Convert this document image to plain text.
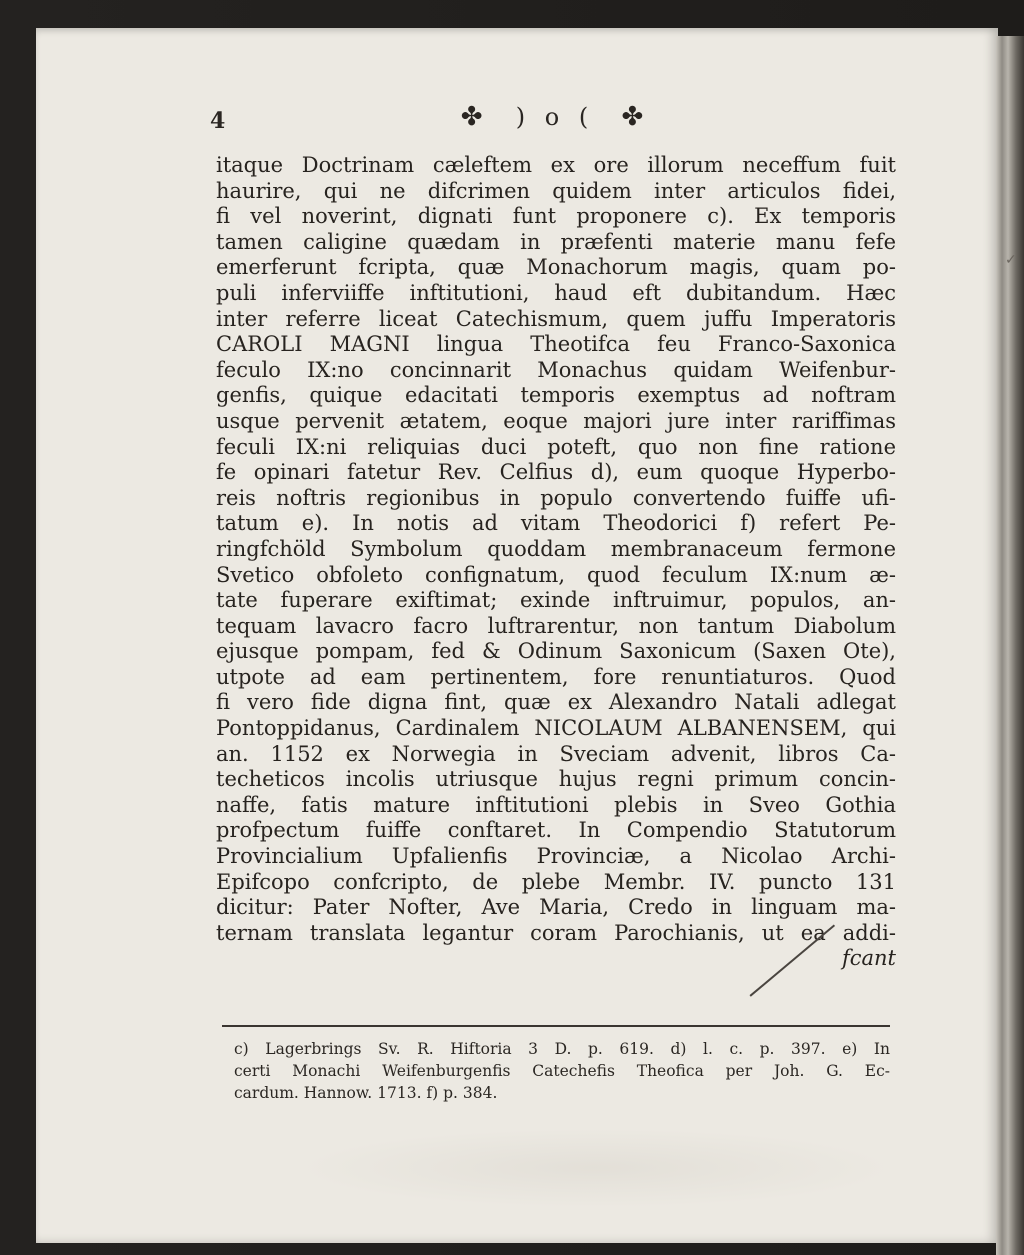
4	✤ ) o ( ✤
itaque Doctrinam cæleftem ex ore illorum neceffum fuit
haurire, qui ne difcrimen quidem inter articulos fidei,
fi vel noverint, dignati funt proponere c). Ex temporis
tamen caligine quædam in præfenti materie manu fefe
emerferunt fcripta, quæ Monachorum magis, quam po-
puli inferviiffe inftitutioni, haud eft dubitandum. Hæc
inter referre liceat Catechismum, quem juffu Imperatoris
CAROLI MAGNI lingua Theotifca feu Franco-Saxonica
feculo IX:no concinnarit Monachus quidam Weifenbur-
genfis, quique edacitati temporis exemptus ad noftram
usque pervenit ætatem, eoque majori jure inter rariffimas
feculi IX:ni reliquias duci poteft, quo non fine ratione
fe opinari fatetur Rev. Celfius d), eum quoque Hyperbo-
reis noftris regionibus in populo convertendo fuiffe ufi-
tatum e). In notis ad vitam Theodorici f) refert Pe-
ringfchöld Symbolum quoddam membranaceum fermone
Svetico obfoleto confignatum, quod feculum IX:num æ-
tate fuperare exiftimat; exinde inftruimur, populos, an-
tequam lavacro facro luftrarentur, non tantum Diabolum
ejusque pompam, fed & Odinum Saxonicum (Saxen Ote),
utpote ad eam pertinentem, fore renuntiaturos. Quod
fi vero fide digna fint, quæ ex Alexandro Natali adlegat
Pontoppidanus, Cardinalem NICOLAUM ALBANENSEM, qui
an. 1152 ex Norwegia in Sveciam advenit, libros Ca-
techeticos incolis utriusque hujus regni primum concin-
naffe, fatis mature inftitutioni plebis in Sveo Gothia
profpectum fuiffe conftaret. In Compendio Statutorum
Provincialium Upfalienfis Provinciæ, a Nicolao Archi-
Epifcopo confcripto, de plebe Membr. IV. puncto 131
dicitur: Pater Nofter, Ave Maria, Credo in linguam ma-
ternam translata legantur coram Parochianis, ut ea addi-
fcant
c) Lagerbrings Sv. R. Hiftoria 3 D. p. 619. d) l. c. p. 397. e) In
certi Monachi Weifenburgenfis Catechefis Theofica per Joh. G. Ec-
cardum. Hannow. 1713. f) p. 384.
✓
